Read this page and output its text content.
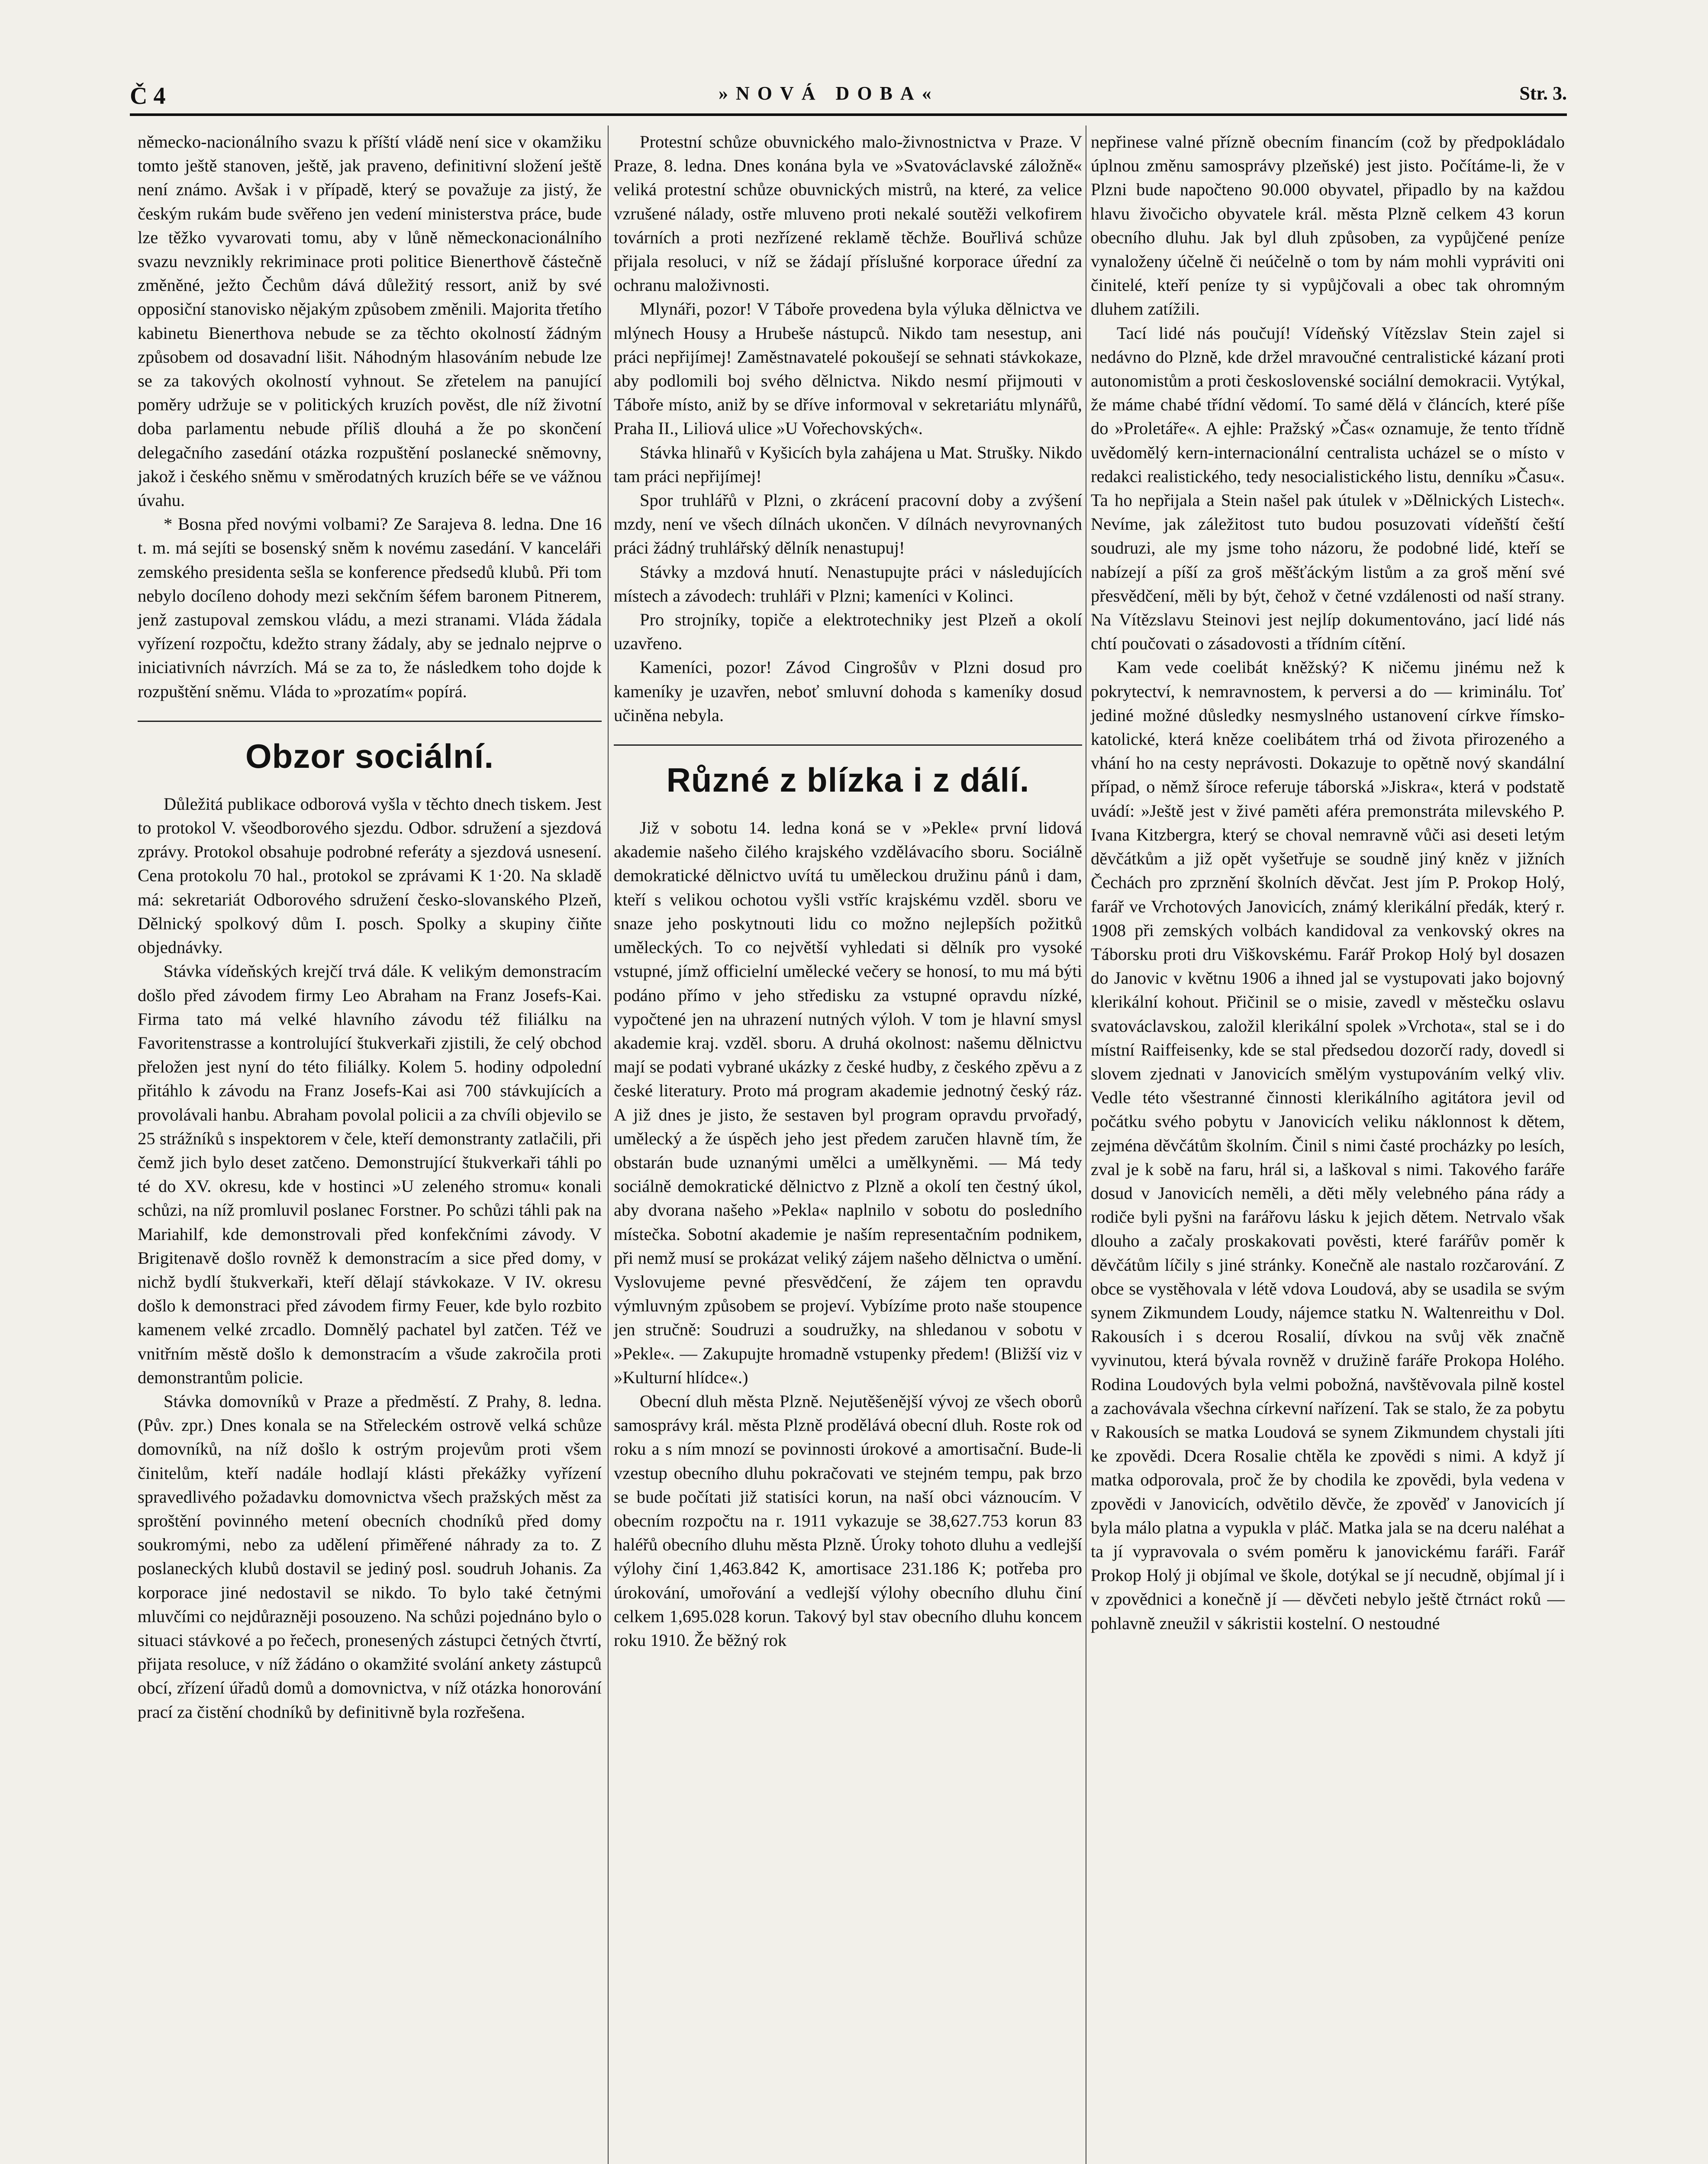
Č 4	»NOVÁ DOBA«	Str. 3.

německo-nacionálního svazu k příští vládě není sice v okamžiku tomto ještě stanoven, ještě, jak praveno, definitivní složení ještě není známo. Avšak i v případě, který se považuje za jistý, že českým rukám bude svěřeno jen vedení ministerstva práce, bude lze těžko vyvarovati tomu, aby v lůně německonacionálního svazu nevznikly rekriminace proti politice Bienerthově částečně změněné, ježto Čechům dává důležitý ressort, aniž by své opposiční stanovisko nějakým způsobem změnili. Majorita třetího kabinetu Bienerthova nebude se za těchto okolností žádným způsobem od dosavadní lišit. Náhodným hlasováním nebude lze se za takových okolností vyhnout. Se zřetelem na panující poměry udržuje se v politických kruzích pověst, dle níž životní doba parlamentu nebude příliš dlouhá a že po skončení delegačního zasedání otázka rozpuštění poslanecké sněmovny, jakož i českého sněmu v směrodatných kruzích béře se ve vážnou úvahu.

* Bosna před novými volbami? Ze Sarajeva 8. ledna. Dne 16 t. m. má sejíti se bosenský sněm k novému zasedání. V kanceláři zemského presidenta sešla se konference předsedů klubů. Při tom nebylo docíleno dohody mezi sekčním šéfem baronem Pitnerem, jenž zastupoval zemskou vládu, a mezi stranami. Vláda žádala vyřízení rozpočtu, kdežto strany žádaly, aby se jednalo nejprve o iniciativních návrzích. Má se za to, že následkem toho dojde k rozpuštění sněmu. Vláda to »prozatím« popírá.

Obzor sociální.

Důležitá publikace odborová vyšla v těchto dnech tiskem. Jest to protokol V. všeodborového sjezdu. Odbor. sdružení a sjezdová zprávy. Protokol obsahuje podrobné referáty a sjezdová usnesení. Cena protokolu 70 hal., protokol se zprávami K 1·20. Na skladě má: sekretariát Odborového sdružení česko-slovanského Plzeň, Dělnický spolkový dům I. posch. Spolky a skupiny čiňte objednávky.

Stávka vídeňských krejčí trvá dále. K velikým demonstracím došlo před závodem firmy Leo Abraham na Franz Josefs-Kai. Firma tato má velké hlavního závodu též filiálku na Favoritenstrasse a kontrolující štukverkaři zjistili, že celý obchod přeložen jest nyní do této filiálky. Kolem 5. hodiny odpolední přitáhlo k závodu na Franz Josefs-Kai asi 700 stávkujících a provolávali hanbu. Abraham povolal policii a za chvíli objevilo se 25 strážníků s inspektorem v čele, kteří demonstranty zatlačili, při čemž jich bylo deset zatčeno. Demonstrující štukverkaři táhli po té do XV. okresu, kde v hostinci »U zeleného stromu« konali schůzi, na níž promluvil poslanec Forstner. Po schůzi táhli pak na Mariahilf, kde demonstrovali před konfekčními závody. V Brigitenavě došlo rovněž k demonstracím a sice před domy, v nichž bydlí štukverkaři, kteří dělají stávkokaze. V IV. okresu došlo k demonstraci před závodem firmy Feuer, kde bylo rozbito kamenem velké zrcadlo. Domnělý pachatel byl zatčen. Též ve vnitřním městě došlo k demonstracím a všude zakročila proti demonstrantům policie.

Stávka domovníků v Praze a předměstí. Z Prahy, 8. ledna. (Pův. zpr.) Dnes konala se na Střeleckém ostrově velká schůze domovníků, na níž došlo k ostrým projevům proti všem činitelům, kteří nadále hodlají klásti překážky vyřízení spravedlivého požadavku domovnictva všech pražských měst za sproštění povinného metení obecních chodníků před domy soukromými, nebo za udělení přiměřené náhrady za to. Z poslaneckých klubů dostavil se jediný posl. soudruh Johanis. Za korporace jiné nedostavil se nikdo. To bylo také četnými mluvčími co nejdůrazněji posouzeno. Na schůzi pojednáno bylo o situaci stávkové a po řečech, pronesených zástupci četných čtvrtí, přijata resoluce, v níž žádáno o okamžité svolání ankety zástupců obcí, zřízení úřadů domů a domovnictva, v níž otázka honorování prací za čistění chodníků by definitivně byla rozřešena.

Protestní schůze obuvnického malo-živnostnictva v Praze. V Praze, 8. ledna. Dnes konána byla ve »Svatováclavské záložně« veliká protestní schůze obuvnických mistrů, na které, za velice vzrušené nálady, ostře mluveno proti nekalé soutěži velkofirem továrních a proti nezřízené reklamě těchže. Bouřlivá schůze přijala resoluci, v níž se žádají příslušné korporace úřední za ochranu maloživnosti.

Mlynáři, pozor! V Táboře provedena byla výluka dělnictva ve mlýnech Housy a Hrubeše nástupců. Nikdo tam nesestup, ani práci nepřijímej! Zaměstnavatelé pokoušejí se sehnati stávkokaze, aby podlomili boj svého dělnictva. Nikdo nesmí přijmouti v Táboře místo, aniž by se dříve informoval v sekretariátu mlynářů, Praha II., Liliová ulice »U Vořechovských«.

Stávka hlinařů v Kyšicích byla zahájena u Mat. Strušky. Nikdo tam práci nepřijímej!

Spor truhlářů v Plzni, o zkrácení pracovní doby a zvýšení mzdy, není ve všech dílnách ukončen. V dílnách nevyrovnaných práci žádný truhlářský dělník nenastupuj!

Stávky a mzdová hnutí. Nenastupujte práci v následujících místech a závodech: truhláři v Plzni; kameníci v Kolinci.

Pro strojníky, topiče a elektrotechniky jest Plzeň a okolí uzavřeno.

Kameníci, pozor! Závod Cingrošův v Plzni dosud pro kameníky je uzavřen, neboť smluvní dohoda s kameníky dosud učiněna nebyla.

Různé z blízka i z dálí.

Již v sobotu 14. ledna koná se v »Pekle« první lidová akademie našeho čilého krajského vzdělávacího sboru. Sociálně demokratické dělnictvo uvítá tu uměleckou družinu pánů i dam, kteří s velikou ochotou vyšli vstříc krajskému vzděl. sboru ve snaze jeho poskytnouti lidu co možno nejlepších požitků uměleckých. To co největší vyhledati si dělník pro vysoké vstupné, jímž officielní umělecké večery se honosí, to mu má býti podáno přímo v jeho středisku za vstupné opravdu nízké, vypočtené jen na uhrazení nutných výloh. V tom je hlavní smysl akademie kraj. vzděl. sboru. A druhá okolnost: našemu dělnictvu mají se podati vybrané ukázky z české hudby, z českého zpěvu a z české literatury. Proto má program akademie jednotný český ráz. A již dnes je jisto, že sestaven byl program opravdu prvořadý, umělecký a že úspěch jeho jest předem zaručen hlavně tím, že obstarán bude uznanými umělci a umělkyněmi. — Má tedy sociálně demokratické dělnictvo z Plzně a okolí ten čestný úkol, aby dvorana našeho »Pekla« naplnilo v sobotu do posledního místečka. Sobotní akademie je naším representačním podnikem, při nemž musí se prokázat veliký zájem našeho dělnictva o umění. Vyslovujeme pevné přesvědčení, že zájem ten opravdu výmluvným způsobem se projeví. Vybízíme proto naše stoupence jen stručně: Soudruzi a soudružky, na shledanou v sobotu v »Pekle«. — Zakupujte hromadně vstupenky předem! (Bližší viz v »Kulturní hlídce«.)

Obecní dluh města Plzně. Nejutěšenější vývoj ze všech oborů samosprávy král. města Plzně prodělává obecní dluh. Roste rok od roku a s ním mnozí se povinnosti úrokové a amortisační. Bude-li vzestup obecního dluhu pokračovati ve stejném tempu, pak brzo se bude počítati již statisíci korun, na naší obci váznoucím. V obecním rozpočtu na r. 1911 vykazuje se 38,627.753 korun 83 haléřů obecního dluhu města Plzně. Úroky tohoto dluhu a vedlejší výlohy činí 1,463.842 K, amortisace 231.186 K; potřeba pro úrokování, umořování a vedlejší výlohy obecního dluhu činí celkem 1,695.028 korun. Takový byl stav obecního dluhu koncem roku 1910. Že běžný rok

nepřinese valné přízně obecním financím (což by předpokládalo úplnou změnu samosprávy plzeňské) jest jisto. Počítáme-li, že v Plzni bude napočteno 90.000 obyvatel, připadlo by na každou hlavu živočicho obyvatele král. města Plzně celkem 43 korun obecního dluhu. Jak byl dluh způsoben, za vypůjčené peníze vynaloženy účelně či neúčelně o tom by nám mohli vypráviti oni činitelé, kteří peníze ty si vypůjčovali a obec tak ohromným dluhem zatížili.

Tací lidé nás poučují! Vídeňský Vítězslav Stein zajel si nedávno do Plzně, kde držel mravoučné centralistické kázaní proti autonomistům a proti československé sociální demokracii. Vytýkal, že máme chabé třídní vědomí. To samé dělá v článcích, které píše do »Proletáře«. A ejhle: Pražský »Čas« oznamuje, že tento třídně uvědomělý kern-internacionální centralista ucházel se o místo v redakci realistického, tedy nesocialistického listu, denníku »Času«. Ta ho nepřijala a Stein našel pak útulek v »Dělnických Listech«. Nevíme, jak záležitost tuto budou posuzovati vídeňští čeští soudruzi, ale my jsme toho názoru, že podobné lidé, kteří se nabízejí a píší za groš měšťáckým listům a za groš mění své přesvědčení, měli by být, čehož v četné vzdálenosti od naší strany. Na Vítězslavu Steinovi jest nejlíp dokumentováno, jací lidé nás chtí poučovati o zásadovosti a třídním cítění.

Kam vede coelibát kněžský? K ničemu jinému než k pokrytectví, k nemravnostem, k perversi a do — kriminálu. Toť jediné možné důsledky nesmyslného ustanovení církve římsko-katolické, která kněze coelibátem trhá od života přirozeného a vhání ho na cesty neprávosti. Dokazuje to opětně nový skandální případ, o němž šíroce referuje táborská »Jiskra«, která v podstatě uvádí: »Ještě jest v živé paměti aféra premonstráta milevského P. Ivana Kitzbergra, který se choval nemravně vůči asi deseti letým děvčátkům a již opět vyšetřuje se soudně jiný kněz v jižních Čechách pro zprznění školních děvčat. Jest jím P. Prokop Holý, farář ve Vrchotových Janovicích, známý klerikální předák, který r. 1908 při zemských volbách kandidoval za venkovský okres na Táborsku proti dru Viškovskému. Farář Prokop Holý byl dosazen do Janovic v květnu 1906 a ihned jal se vystupovati jako bojovný klerikální kohout. Přičinil se o misie, zavedl v městečku oslavu svatováclavskou, založil klerikální spolek »Vrchota«, stal se i do místní Raiffeisenky, kde se stal předsedou dozorčí rady, dovedl si slovem zjednati v Janovicích smělým vystupováním velký vliv. Vedle této všestranné činnosti klerikálního agitátora jevil od počátku svého pobytu v Janovicích veliku náklonnost k dětem, zejména děvčátům školním. Činil s nimi časté procházky po lesích, zval je k sobě na faru, hrál si, a laškoval s nimi. Takového faráře dosud v Janovicích neměli, a děti měly velebného pána rády a rodiče byli pyšni na farářovu lásku k jejich dětem. Netrvalo však dlouho a začaly proskakovati pověsti, které farářův poměr k děvčátům líčily s jiné stránky. Konečně ale nastalo rozčarování. Z obce se vystěhovala v létě vdova Loudová, aby se usadila se svým synem Zikmundem Loudy, nájemce statku N. Waltenreithu v Dol. Rakousích i s dcerou Rosalií, dívkou na svůj věk značně vyvinutou, která bývala rovněž v družině faráře Prokopa Holého. Rodina Loudových byla velmi pobožná, navštěvovala pilně kostel a zachovávala všechna církevní nařízení. Tak se stalo, že za pobytu v Rakousích se matka Loudová se synem Zikmundem chystali jíti ke zpovědi. Dcera Rosalie chtěla ke zpovědi s nimi. A když jí matka odporovala, proč že by chodila ke zpovědi, byla vedena v zpovědi v Janovicích, odvětilo děvče, že zpověď v Janovicích jí byla málo platna a vypukla v pláč. Matka jala se na dceru naléhat a ta jí vypravovala o svém poměru k janovickému faráři. Farář Prokop Holý ji objímal ve škole, dotýkal se jí necudně, objímal jí i v zpovědnici a konečně jí — děvčeti nebylo ještě čtrnáct roků — pohlavně zneužil v sákristii kostelní. O nestoudné
